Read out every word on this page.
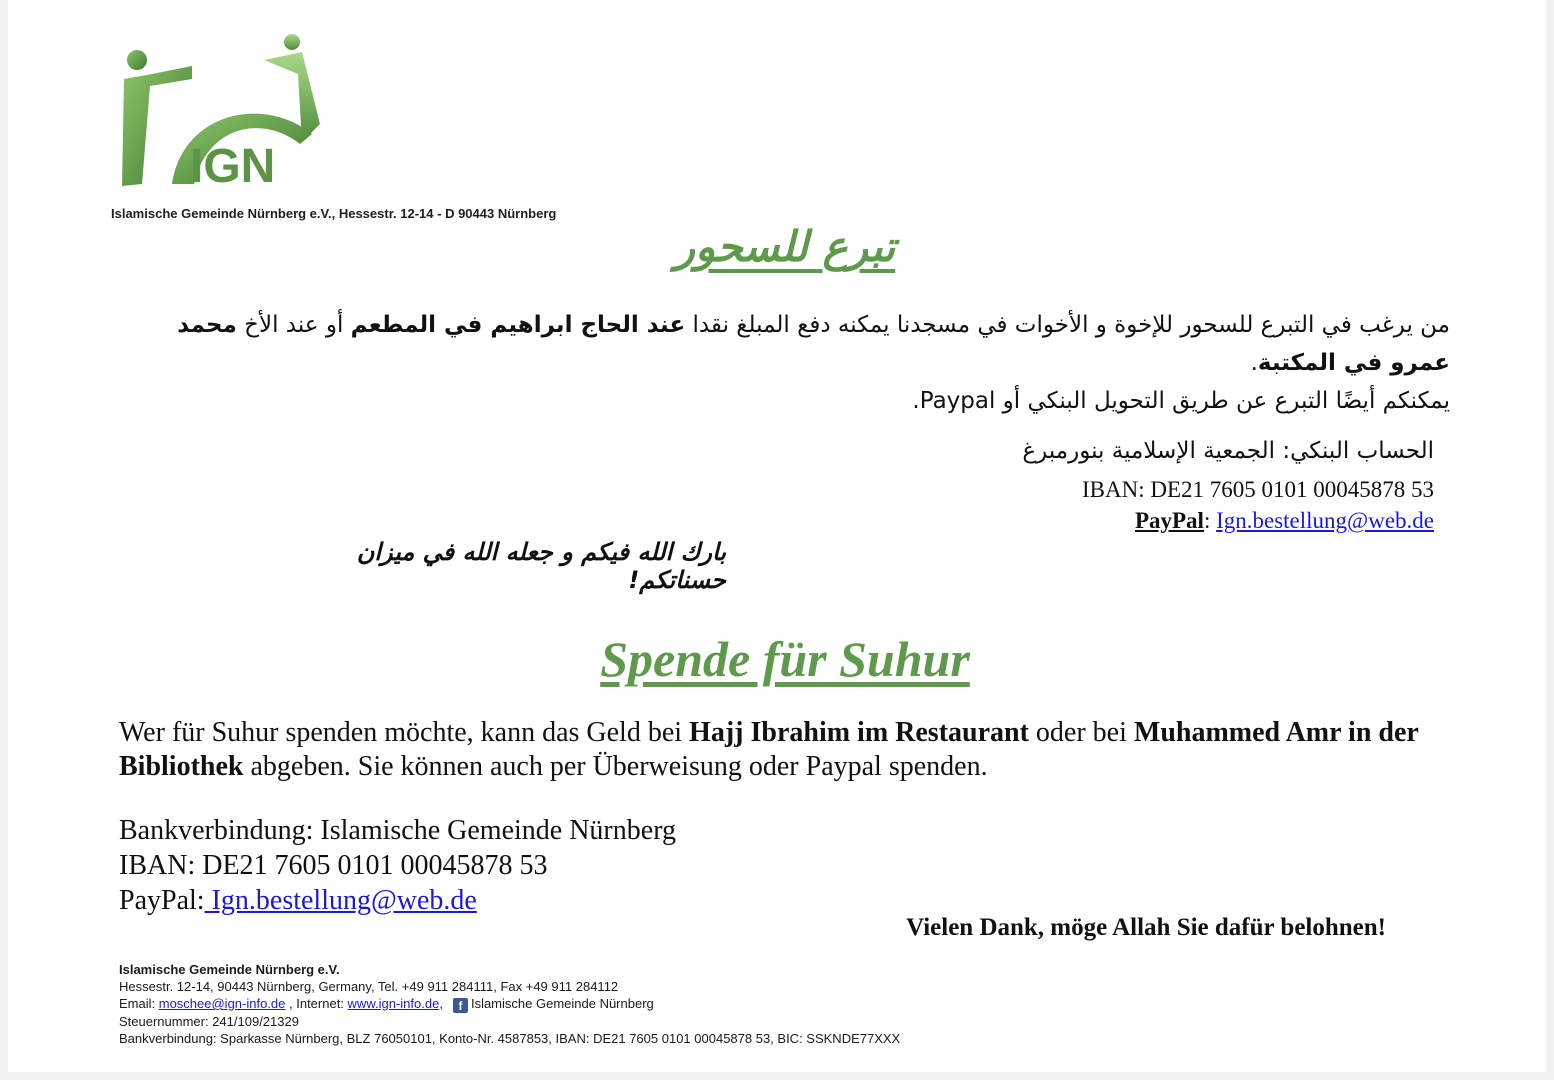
IGN
Islamische Gemeinde Nürnberg e.V., Hessestr. 12-14 - D 90443 Nürnberg
تبرع للسحور
من يرغب في التبرع للسحور للإخوة و الأخوات في مسجدنا يمكنه دفع المبلغ نقدا عند الحاج ابراهيم في المطعم أو عند الأخ محمد عمرو في المكتبة.
يمكنكم أيضًا التبرع عن طريق التحويل البنكي أو Paypal.
الحساب البنكي: الجمعية الإسلامية بنورمبرغ
IBAN: DE21 7605 0101 00045878 53
PayPal: Ign.bestellung@web.de
بارك الله فيكم و جعله الله في ميزان حسناتكم!
Spende für Suhur
Wer für Suhur spenden möchte, kann das Geld bei Hajj Ibrahim im Restaurant oder bei Muhammed Amr in der Bibliothek abgeben. Sie können auch per Überweisung oder Paypal spenden.
Bankverbindung: Islamische Gemeinde Nürnberg
IBAN: DE21 7605 0101 00045878 53
PayPal: Ign.bestellung@web.de
Vielen Dank, möge Allah Sie dafür belohnen!
Islamische Gemeinde Nürnberg e.V.
Hessestr. 12-14, 90443 Nürnberg, Germany, Tel. +49 911 284111, Fax +49 911 284112
Email: moschee@ign-info.de , Internet: www.ign-info.de, f Islamische Gemeinde Nürnberg
Steuernummer: 241/109/21329
Bankverbindung: Sparkasse Nürnberg, BLZ 76050101, Konto-Nr. 4587853, IBAN: DE21 7605 0101 00045878 53, BIC: SSKNDE77XXX
